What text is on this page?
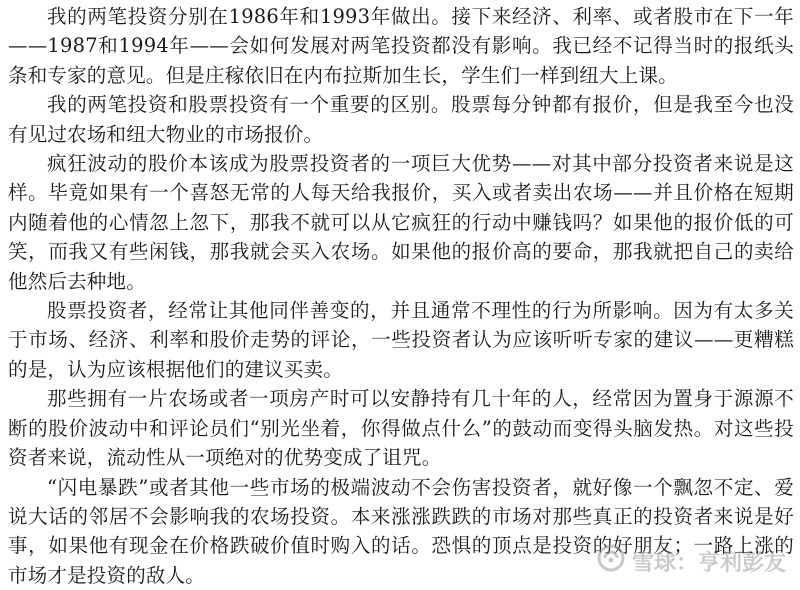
我的两笔投资分别在1986年和1993年做出。接下来经济、利率、或者股市在下一年——1987和1994年——会如何发展对两笔投资都没有影响。我已经不记得当时的报纸头条和专家的意见。但是庄稼依旧在内布拉斯加生长，学生们一样到纽大上课。

我的两笔投资和股票投资有一个重要的区别。股票每分钟都有报价，但是我至今也没有见过农场和纽大物业的市场报价。

疯狂波动的股价本该成为股票投资者的一项巨大优势——对其中部分投资者来说是这样。毕竟如果有一个喜怒无常的人每天给我报价，买入或者卖出农场——并且价格在短期内随着他的心情忽上忽下，那我不就可以从它疯狂的行动中赚钱吗？如果他的报价低的可笑，而我又有些闲钱，那我就会买入农场。如果他的报价高的要命，那我就把自己的卖给他然后去种地。

股票投资者，经常让其他同伴善变的，并且通常不理性的行为所影响。因为有太多关于市场、经济、利率和股价走势的评论，一些投资者认为应该听听专家的建议——更糟糕的是，认为应该根据他们的建议买卖。

那些拥有一片农场或者一项房产时可以安静持有几十年的人，经常因为置身于源源不断的股价波动中和评论员们“别光坐着，你得做点什么”的鼓动而变得头脑发热。对这些投资者来说，流动性从一项绝对的优势变成了诅咒。

“闪电暴跌”或者其他一些市场的极端波动不会伤害投资者，就好像一个飘忽不定、爱说大话的邻居不会影响我的农场投资。本来涨涨跌跌的市场对那些真正的投资者来说是好事，如果他有现金在价格跌破价值时购入的话。恐惧的顶点是投资的好朋友；一路上涨的市场才是投资的敌人。	雪球：亨利彭友
